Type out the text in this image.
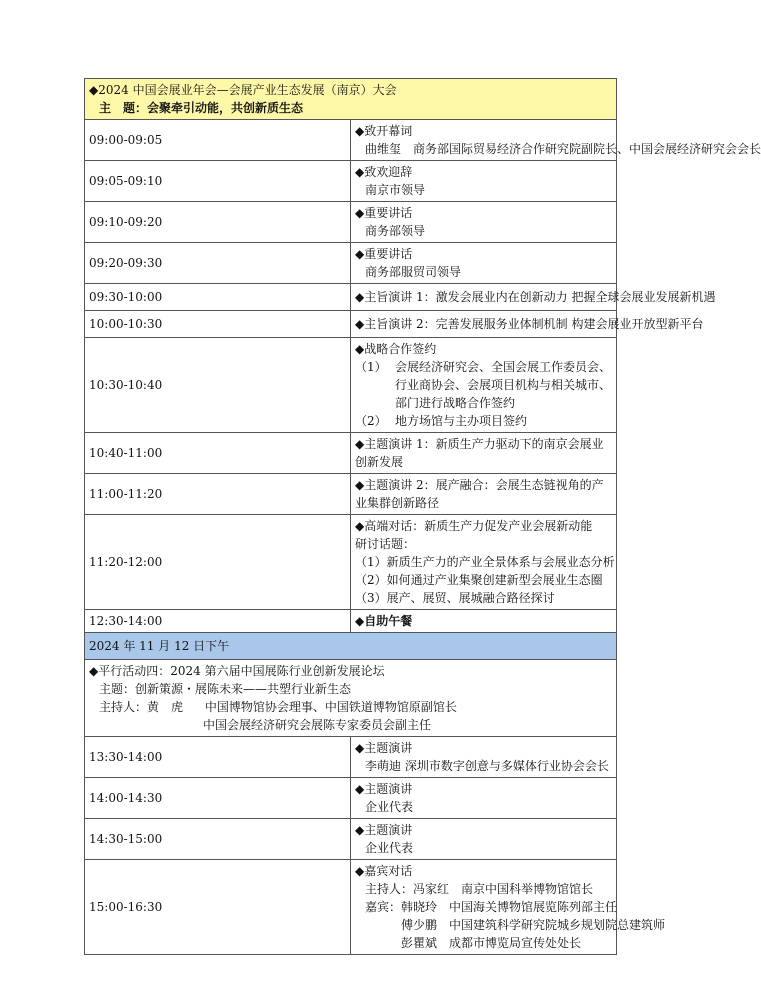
◆2024 中国会展业年会—会展产业生态发展（南京）大会
主　题：会聚牵引动能，共创新质生态	

09:00-09:05	◆致开幕词
曲维玺　商务部国际贸易经济合作研究院副院长、中国会展经济研究会会长

09:05-09:10	◆致欢迎辞
南京市领导

09:10-09:20	◆重要讲话
商务部领导

09:20-09:30	◆重要讲话
商务部服贸司领导

09:30-10:00	◆主旨演讲 1：激发会展业内在创新动力 把握全球会展业发展新机遇

10:00-10:30	◆主旨演讲 2：完善发展服务业体制机制 构建会展业开放型新平台

10:30-10:40	◆战略合作签约
（1） 会展经济研究会、全国会展工作委员会、行业商协会、会展项目机构与相关城市、部门进行战略合作签约
（2） 地方场馆与主办项目签约

10:40-11:00	◆主题演讲 1：新质生产力驱动下的南京会展业创新发展
11:00-11:20	◆主题演讲 2：展产融合：会展生态链视角的产业集群创新路径
11:20-12:00	◆高端对话：新质生产力促发产业会展新动能
研讨话题：
（1）新质生产力的产业全景体系与会展业态分析
（2）如何通过产业集聚创建新型会展业生态圈
（3）展产、展贸、展城融合路径探讨

12:30-14:00	◆自助午餐
2024 年 11 月 12 日下午	

◆平行活动四：2024 第六届中国展陈行业创新发展论坛
主题：创新策源・展陈未来——共塑行业新生态
主持人：黄　虎 中国博物馆协会理事、中国铁道博物馆原副馆长
中国会展经济研究会展陈专家委员会副主任	

13:30-14:00	◆主题演讲
李萌迪 深圳市数字创意与多媒体行业协会会长

14:00-14:30	◆主题演讲
企业代表

14:30-15:00	◆主题演讲
企业代表

15:00-16:30	◆嘉宾对话
主持人：冯家红　南京中国科举博物馆馆长
嘉宾：韩晓玲　中国海关博物馆展览陈列部主任
　　　傅少鹏　中国建筑科学研究院城乡规划院总建筑师
　　　彭瞿斌　成都市博览局宣传处处长
